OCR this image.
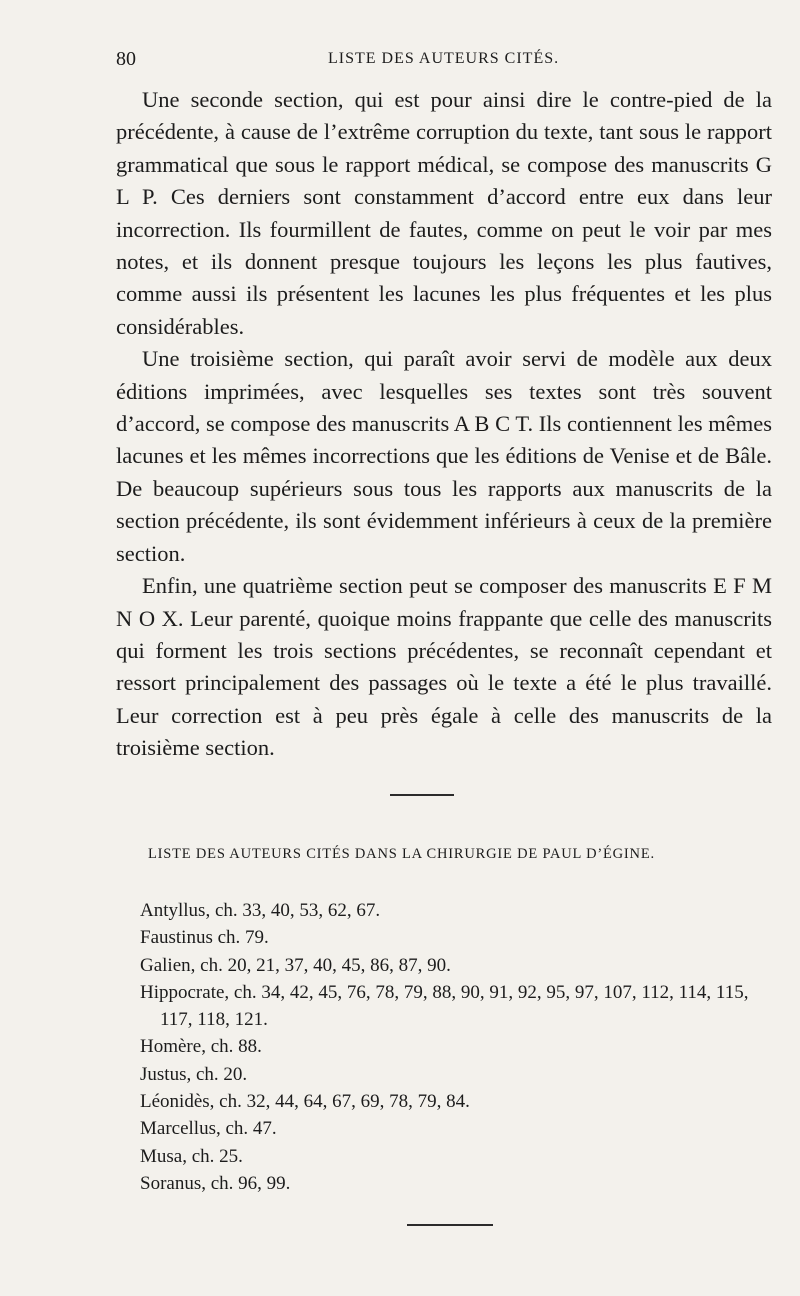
80	LISTE DES AUTEURS CITÉS.

Une seconde section, qui est pour ainsi dire le contre-pied de la précédente, à cause de l’extrême corruption du texte, tant sous le rapport grammatical que sous le rapport médical, se compose des manuscrits G L P. Ces derniers sont constamment d’accord entre eux dans leur incorrection. Ils fourmillent de fautes, comme on peut le voir par mes notes, et ils donnent presque toujours les leçons les plus fautives, comme aussi ils présentent les lacunes les plus fréquentes et les plus considérables.

Une troisième section, qui paraît avoir servi de modèle aux deux éditions imprimées, avec lesquelles ses textes sont très souvent d’accord, se compose des manuscrits A B C T. Ils contiennent les mêmes lacunes et les mêmes incorrections que les éditions de Venise et de Bâle. De beaucoup supérieurs sous tous les rapports aux manuscrits de la section précédente, ils sont évidemment inférieurs à ceux de la première section.

Enfin, une quatrième section peut se composer des manuscrits E F M N O X. Leur parenté, quoique moins frappante que celle des manuscrits qui forment les trois sections précédentes, se reconnaît cependant et ressort principalement des passages où le texte a été le plus travaillé. Leur correction est à peu près égale à celle des manuscrits de la troisième section.

LISTE DES AUTEURS CITÉS DANS LA CHIRURGIE DE PAUL D’ÉGINE.
Antyllus, ch. 33, 40, 53, 62, 67.
Faustinus ch. 79.
Galien, ch. 20, 21, 37, 40, 45, 86, 87, 90.
Hippocrate, ch. 34, 42, 45, 76, 78, 79, 88, 90, 91, 92, 95, 97, 107, 112, 114, 115, 117, 118, 121.
Homère, ch. 88.
Justus, ch. 20.
Léonidès, ch. 32, 44, 64, 67, 69, 78, 79, 84.
Marcellus, ch. 47.
Musa, ch. 25.
Soranus, ch. 96, 99.
